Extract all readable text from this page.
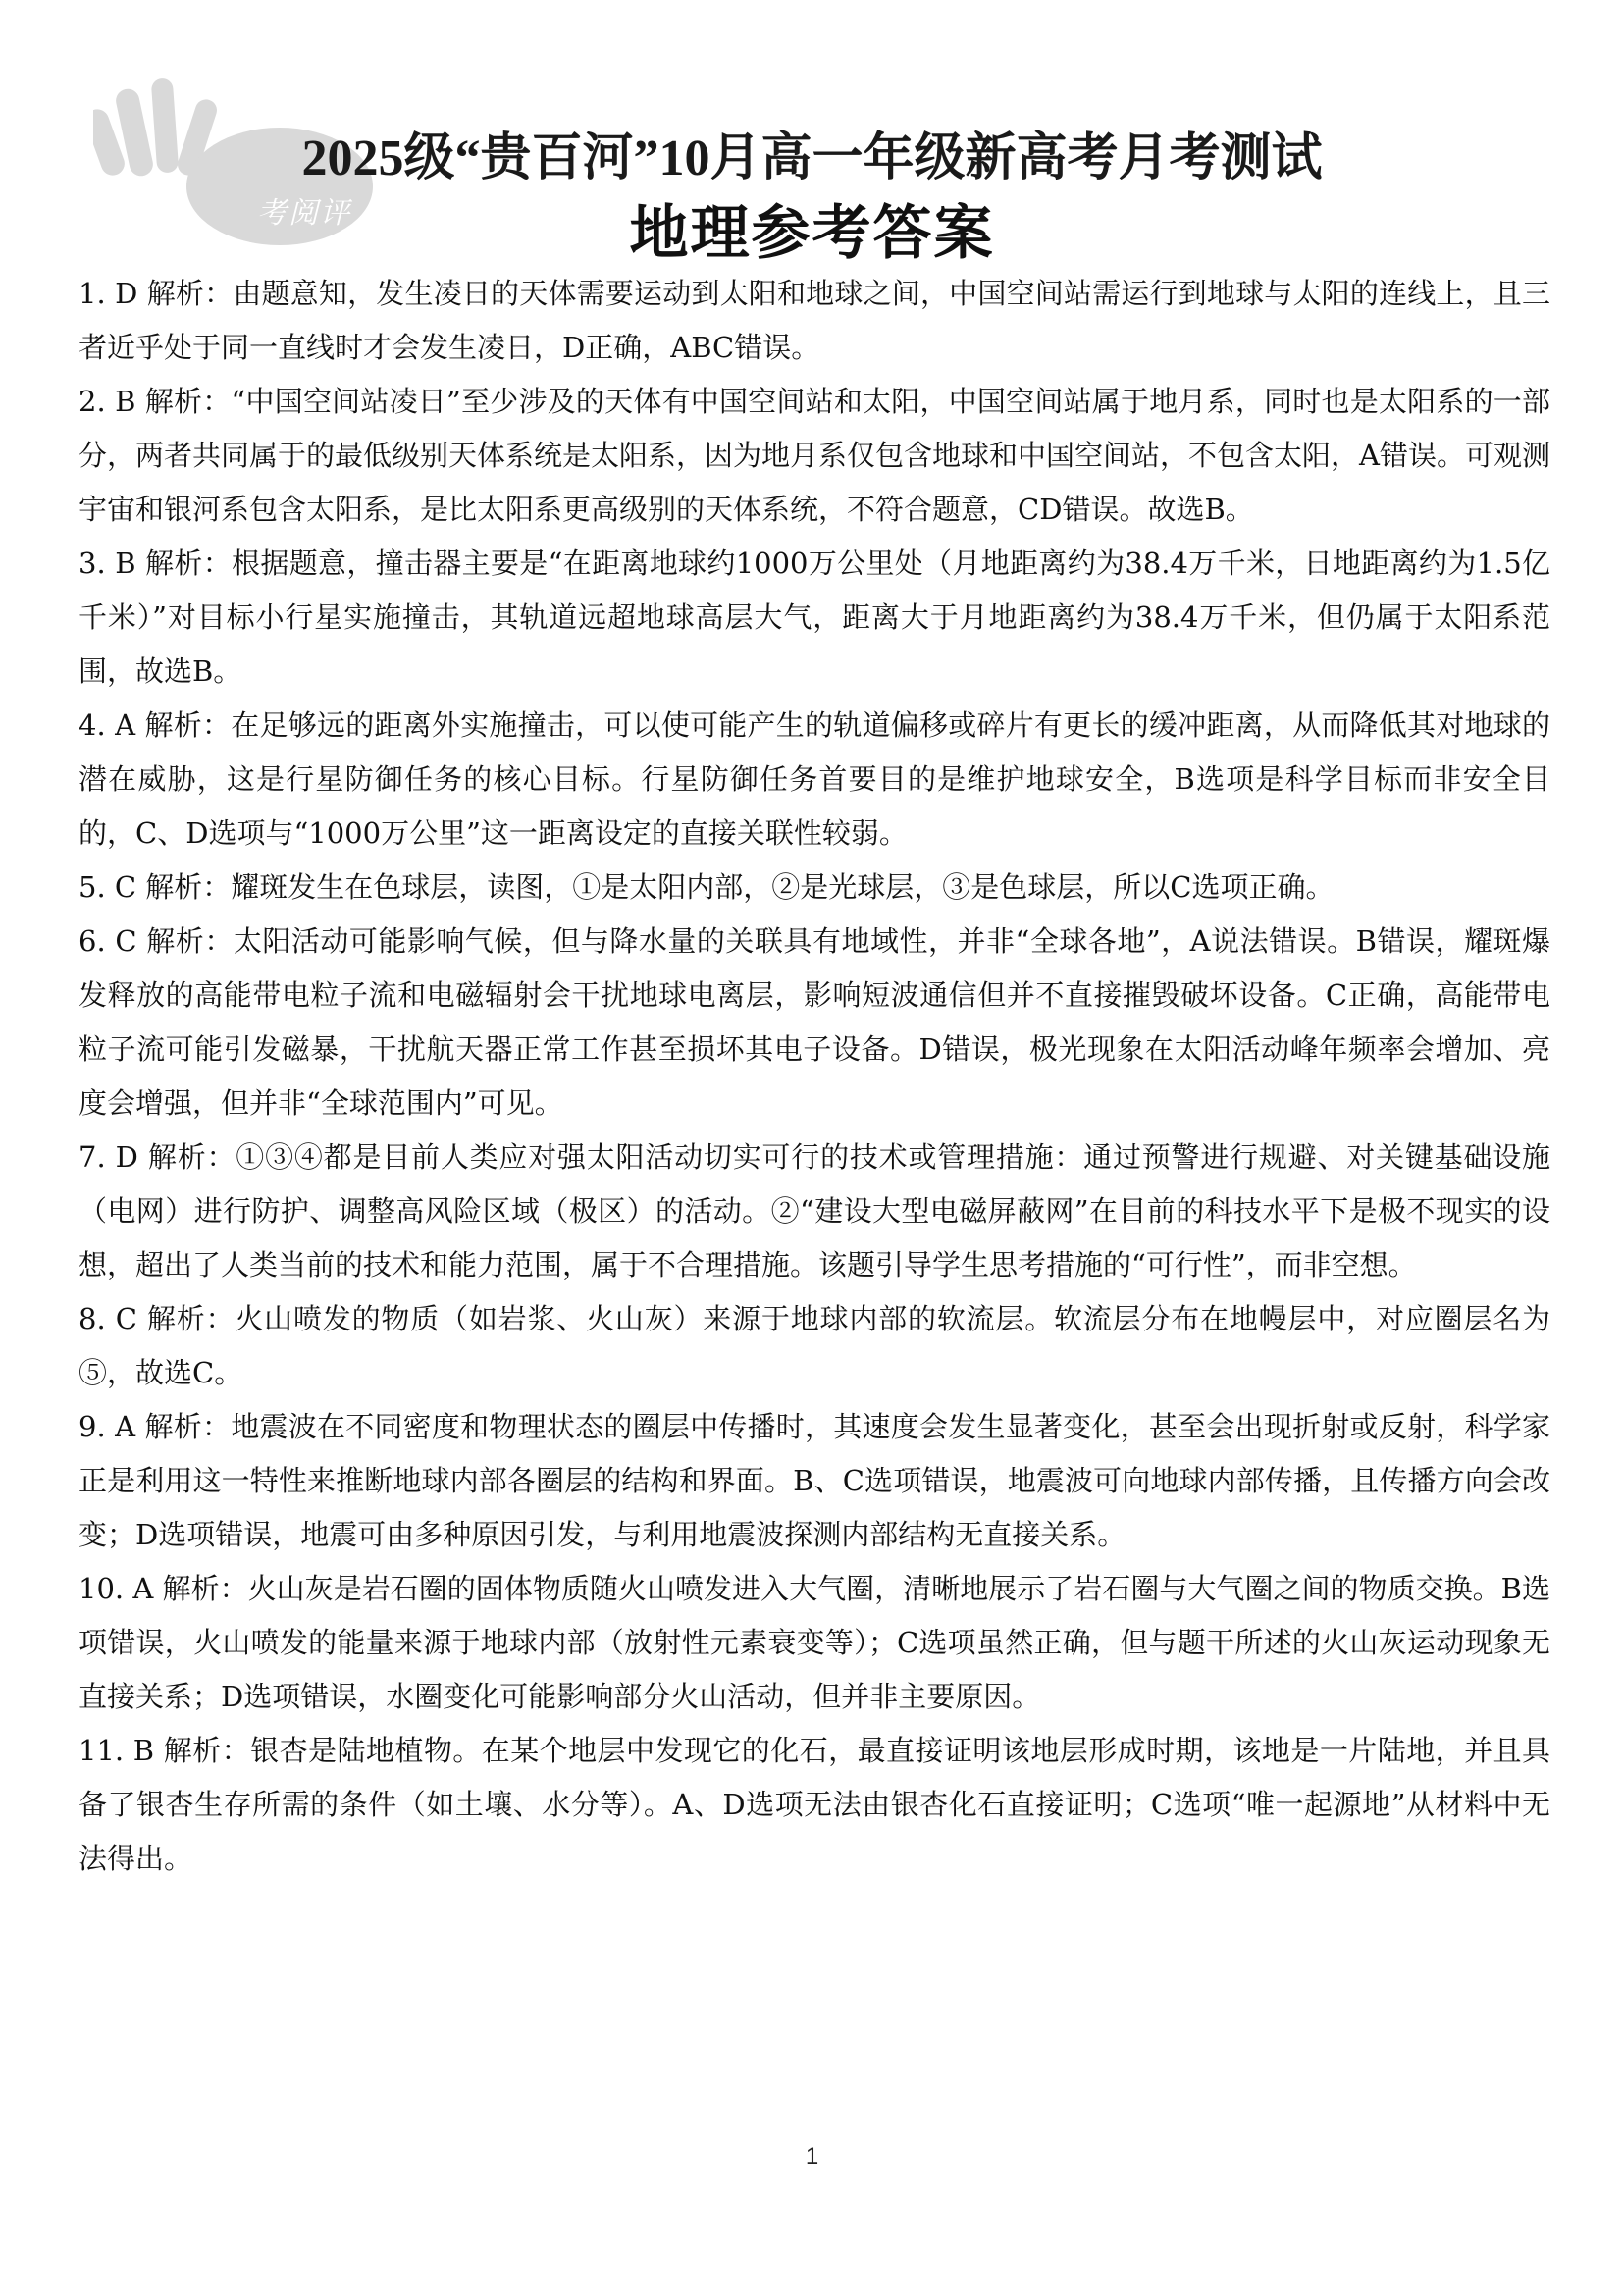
考阅评
2025级“贵百河”10月高一年级新高考月考测试
地理参考答案

1. D 解析：由题意知，发生凌日的天体需要运动到太阳和地球之间，中国空间站需运行到地球与太阳的连线上，且三者近乎处于同一直线时才会发生凌日，D正确，ABC错误。

2. B 解析：“中国空间站凌日”至少涉及的天体有中国空间站和太阳，中国空间站属于地月系，同时也是太阳系的一部分，两者共同属于的最低级别天体系统是太阳系，因为地月系仅包含地球和中国空间站，不包含太阳，A错误。可观测宇宙和银河系包含太阳系，是比太阳系更高级别的天体系统，不符合题意，CD错误。故选B。

3. B 解析：根据题意，撞击器主要是“在距离地球约1000万公里处（月地距离约为38.4万千米，日地距离约为1.5亿千米）”对目标小行星实施撞击，其轨道远超地球高层大气，距离大于月地距离约为38.4万千米，但仍属于太阳系范围，故选B。

4. A 解析：在足够远的距离外实施撞击，可以使可能产生的轨道偏移或碎片有更长的缓冲距离，从而降低其对地球的潜在威胁，这是行星防御任务的核心目标。行星防御任务首要目的是维护地球安全，B选项是科学目标而非安全目的，C、D选项与“1000万公里”这一距离设定的直接关联性较弱。

5. C 解析：耀斑发生在色球层，读图，①是太阳内部，②是光球层，③是色球层，所以C选项正确。

6. C 解析：太阳活动可能影响气候，但与降水量的关联具有地域性，并非“全球各地”，A说法错误。B错误，耀斑爆发释放的高能带电粒子流和电磁辐射会干扰地球电离层，影响短波通信但并不直接摧毁破坏设备。C正确，高能带电粒子流可能引发磁暴，干扰航天器正常工作甚至损坏其电子设备。D错误，极光现象在太阳活动峰年频率会增加、亮度会增强，但并非“全球范围内”可见。

7. D 解析：①③④都是目前人类应对强太阳活动切实可行的技术或管理措施：通过预警进行规避、对关键基础设施（电网）进行防护、调整高风险区域（极区）的活动。②“建设大型电磁屏蔽网”在目前的科技水平下是极不现实的设想，超出了人类当前的技术和能力范围，属于不合理措施。该题引导学生思考措施的“可行性”，而非空想。

8. C 解析：火山喷发的物质（如岩浆、火山灰）来源于地球内部的软流层。软流层分布在地幔层中，对应圈层名为⑤，故选C。

9. A 解析：地震波在不同密度和物理状态的圈层中传播时，其速度会发生显著变化，甚至会出现折射或反射，科学家正是利用这一特性来推断地球内部各圈层的结构和界面。B、C选项错误，地震波可向地球内部传播，且传播方向会改变；D选项错误，地震可由多种原因引发，与利用地震波探测内部结构无直接关系。

10. A 解析：火山灰是岩石圈的固体物质随火山喷发进入大气圈，清晰地展示了岩石圈与大气圈之间的物质交换。B选项错误，火山喷发的能量来源于地球内部（放射性元素衰变等）；C选项虽然正确，但与题干所述的火山灰运动现象无直接关系；D选项错误，水圈变化可能影响部分火山活动，但并非主要原因。

11. B 解析：银杏是陆地植物。在某个地层中发现它的化石，最直接证明该地层形成时期，该地是一片陆地，并且具备了银杏生存所需的条件（如土壤、水分等）。A、D选项无法由银杏化石直接证明；C选项“唯一起源地”从材料中无法得出。

1
